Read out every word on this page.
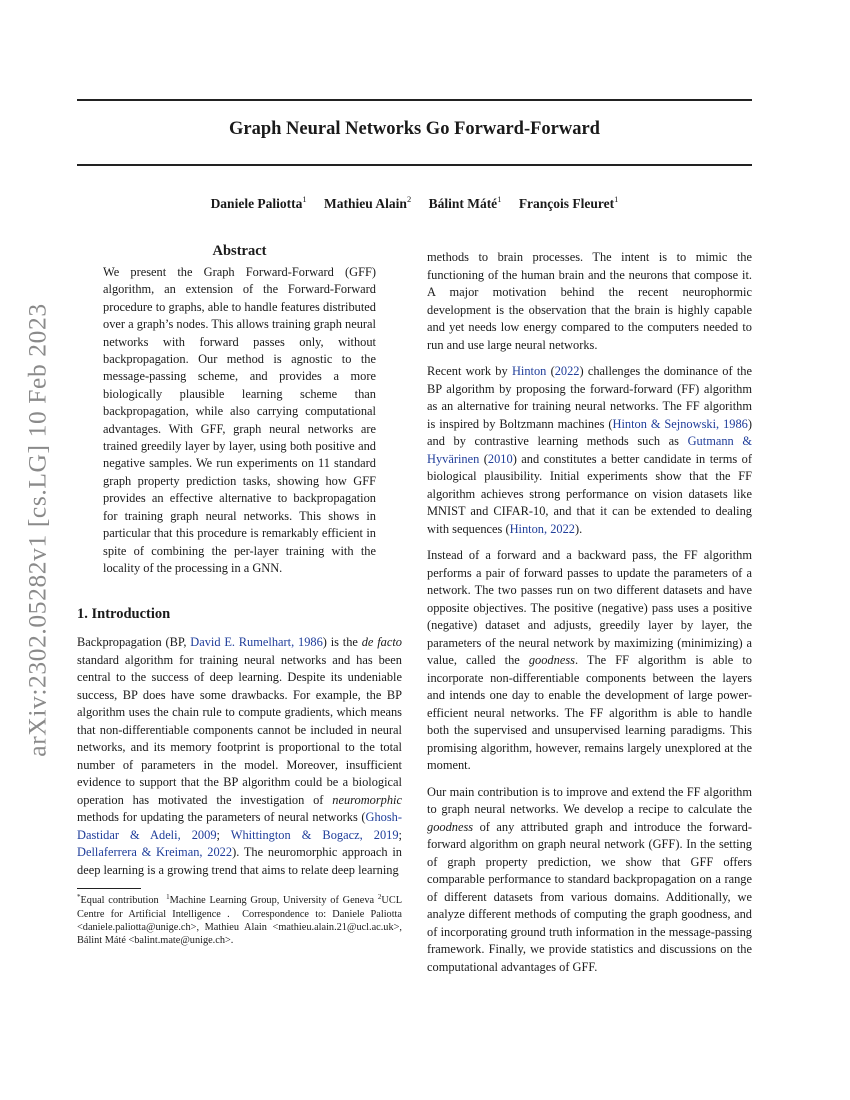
arXiv:2302.05282v1 [cs.LG] 10 Feb 2023
Graph Neural Networks Go Forward-Forward
Daniele Paliotta$^1$ Mathieu Alain$^2$ Bálint Máté$^1$ François Fleuret$^1$
Abstract

We present the Graph Forward-Forward (GFF) algorithm, an extension of the Forward-Forward procedure to graphs, able to handle features distributed over a graph’s nodes. This allows training graph neural networks with forward passes only, without backpropagation. Our method is agnostic to the message-passing scheme, and provides a more biologically plausible learning scheme than backpropagation, while also carrying computational advantages. With GFF, graph neural networks are trained greedily layer by layer, using both positive and negative samples. We run experiments on 11 standard graph property prediction tasks, showing how GFF provides an effective alternative to backpropagation for training graph neural networks. This shows in particular that this procedure is remarkably efficient in spite of combining the per-layer training with the locality of the processing in a GNN.

1. Introduction

Backpropagation (BP, David E. Rumelhart, 1986) is the de facto standard algorithm for training neural networks and has been central to the success of deep learning. Despite its undeniable success, BP does have some drawbacks. For example, the BP algorithm uses the chain rule to compute gradients, which means that non-differentiable components cannot be included in neural networks, and its memory footprint is proportional to the total number of parameters in the model. Moreover, insufficient evidence to support that the BP algorithm could be a biological operation has motivated the investigation of neuromorphic methods for updating the parameters of neural networks (Ghosh-Dastidar & Adeli, 2009; Whittington & Bogacz, 2019; Dellaferrera & Kreiman, 2022). The neuromorphic approach in deep learning is a growing trend that aims to relate deep learning

*Equal contribution $^1$Machine Learning Group, University of Geneva $^2$UCL Centre for Artificial Intelligence . Correspondence to: Daniele Paliotta <daniele.paliotta@unige.ch>, Mathieu Alain <mathieu.alain.21@ucl.ac.uk>, Bálint Máté <balint.mate@unige.ch>.

methods to brain processes. The intent is to mimic the functioning of the human brain and the neurons that compose it. A major motivation behind the recent neurophormic development is the observation that the brain is highly capable and yet needs low energy compared to the computers needed to run and use large neural networks.

Recent work by Hinton (2022) challenges the dominance of the BP algorithm by proposing the forward-forward (FF) algorithm as an alternative for training neural networks. The FF algorithm is inspired by Boltzmann machines (Hinton & Sejnowski, 1986) and by contrastive learning methods such as Gutmann & Hyvärinen (2010) and constitutes a better candidate in terms of biological plausibility. Initial experiments show that the FF algorithm achieves strong performance on vision datasets like MNIST and CIFAR-10, and that it can be extended to dealing with sequences (Hinton, 2022).

Instead of a forward and a backward pass, the FF algorithm performs a pair of forward passes to update the parameters of a network. The two passes run on two different datasets and have opposite objectives. The positive (negative) pass uses a positive (negative) dataset and adjusts, greedily layer by layer, the parameters of the neural network by maximizing (minimizing) a value, called the goodness. The FF algorithm is able to incorporate non-differentiable components between the layers and intends one day to enable the development of large power-efficient neural networks. The FF algorithm is able to handle both the supervised and unsupervised learning paradigms. This promising algorithm, however, remains largely unexplored at the moment.

Our main contribution is to improve and extend the FF algorithm to graph neural networks. We develop a recipe to calculate the goodness of any attributed graph and introduce the forward-forward algorithm on graph neural network (GFF). In the setting of graph property prediction, we show that GFF offers comparable performance to standard backpropagation on a range of different datasets from various domains. Additionally, we analyze different methods of computing the graph goodness, and of incorporating ground truth information in the message-passing framework. Finally, we provide statistics and discussions on the computational advantages of GFF.
